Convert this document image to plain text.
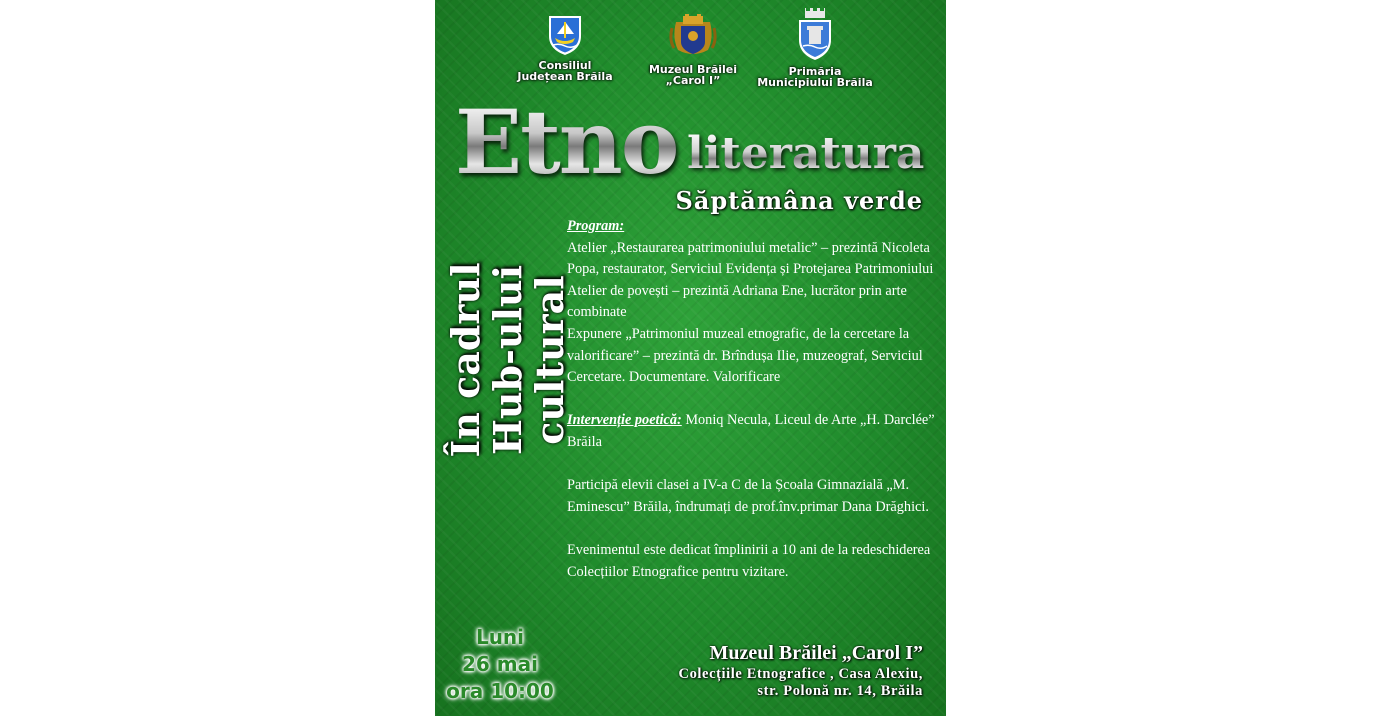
Consiliul
Județean Brăila
Muzeul Brăilei
„Carol I”
Primăria
Municipiului Brăila
Etno literatura
Săptămâna verde
În cadrul
Hub-ului cultural

Program:

Atelier „Restaurarea patrimoniului metalic” – prezintă Nicoleta Popa, restaurator, Serviciul Evidența și Protejarea Patrimoniului

Atelier de povești – prezintă Adriana Ene, lucrător prin arte combinate

Expunere „Patrimoniul muzeal etnografic, de la cercetare la valorificare” – prezintă dr. Brîndușa Ilie, muzeograf, Serviciul Cercetare. Documentare. Valorificare

Intervenție poetică: Moniq Necula, Liceul de Arte „H. Darclée” Brăila

Participă elevii clasei a IV-a C de la Școala Gimnazială „M. Eminescu” Brăila, îndrumați de prof.înv.primar Dana Drăghici.

Evenimentul este dedicat împlinirii a 10 ani de la redeschiderea Colecțiilor Etnografice pentru vizitare.

Luni
26 mai
ora 10:00
Muzeul Brăilei „Carol I”
Colecțiile Etnografice , Casa Alexiu,
str. Polonă nr. 14, Brăila
